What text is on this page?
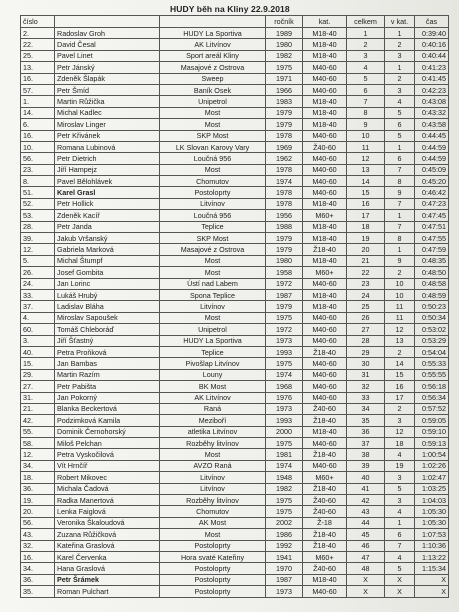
HUDY běh na Kliny 22.9.2018
číslo			ročník	kat.	celkem	v kat.	čas
2.	Radoslav Groh	HUDY La Sportiva	1989	M18-40	1	1	0:39:40
22.	David Česal	AK Litvínov	1980	M18-40	2	2	0:40:16
25.	Pavel Linet	Sport areál Kliny	1982	M18-40	3	3	0:40:44
13.	Petr Jánský	Masajové z Ostrova	1975	M40-60	4	1	0:41:23
16.	Zdeněk Šlapák	Sweep	1971	M40-60	5	2	0:41:45
57.	Petr Šmíd	Baník Osek	1966	M40-60	6	3	0:42:23
1.	Martin Růžička	Unipetrol	1983	M18-40	7	4	0:43:08
14.	Michal Kadlec	Most	1979	M18-40	8	5	0:43:32
6.	Miroslav Linger	Most	1979	M18-40	9	6	0:43:58
16.	Petr Křivánek	SKP Most	1978	M40-60	10	5	0:44:45
10.	Romana Lubinová	LK Slovan Karovy Vary	1969	Ž40-60	11	1	0:44:59
56.	Petr Dietrich	Loučná 956	1962	M40-60	12	6	0:44:59
23.	Jiří Hampejz	Most	1978	M40-60	13	7	0:45:09
8.	Pavel Bělohlávek	Chomutov	1974	M40-60	14	8	0:45:20
51.	Karel Grasl	Postoloprty	1978	M40-60	15	9	0:46:42
52.	Petr Hollick	Litvínov	1978	M18-40	16	7	0:47:23
53.	Zdeněk Kacíř	Loučná 956	1956	M60+	17	1	0:47:45
28.	Petr Janda	Teplice	1988	M18-40	18	7	0:47:51
39.	Jakub Vršanský	SKP Most	1979	M18-40	19	8	0:47:55
12.	Gabriela Marková	Masajové z Ostrova	1979	Ž18-40	20	1	0:47:59
5.	Michal Štumpf	Most	1980	M18-40	21	9	0:48:35
26.	Josef Gombita	Most	1958	M60+	22	2	0:48:50
24.	Jan Lorinc	Ústí nad Labem	1972	M40-60	23	10	0:48:58
33.	Lukáš Hrubý	Spona Teplice	1987	M18-40	24	10	0:48:59
37.	Ladislav Bláha	Litvínov	1979	M18-40	25	11	0:50:23
4.	Miroslav Sapoušek	Most	1975	M40-60	26	11	0:50:34
60.	Tomáš Chleboráď	Unipetrol	1972	M40-60	27	12	0:53:02
3.	Jiří Šťastný	HUDY La Sportiva	1973	M40-60	28	13	0:53:29
40.	Petra Proňková	Teplice	1993	Ž18-40	29	2	0:54:04
15.	Jan Bambas	Pivošlap Litvínov	1975	M40-60	30	14	0:55:33
29.	Martin Razím	Louny	1974	M40-60	31	15	0:55:55
27.	Petr Pabišta	BK Most	1968	M40-60	32	16	0:56:18
31.	Jan Pokorný	AK Litvínov	1976	M40-60	33	17	0:56:34
21.	Blanka Beckertová	Raná	1973	Ž40-60	34	2	0:57:52
42.	Podzimková Kamila	Meziboří	1993	Ž18-40	35	3	0:59:05
55.	Dominik Černohorský	atletika Litvínov	2000	M18-40	36	12	0:59:10
58.	Miloš Pelchan	Rozběhy litvínov	1975	M40-60	37	18	0:59:13
12.	Petra Vyskočilová	Most	1981	Ž18-40	38	4	1:00:54
34.	Vít Hrnčíř	AVZO Raná	1974	M40-60	39	19	1:02:26
18.	Robert Mikovec	Litvínov	1948	M60+	40	3	1:02:47
36.	Michala Čadová	Litvínov	1982	Ž18-40	41	5	1:03:25
19.	Radka Manertová	Rozběhy litvínov	1975	Ž40-60	42	3	1:04:03
20.	Lenka Faiglová	Chomutov	1975	Ž40-60	43	4	1:05:30
56.	Veronika Škaloudová	AK Most	2002	Ž-18	44	1	1:05:30
43.	Zuzana Růžičková	Most	1986	Ž18-40	45	6	1:07:53
32.	Kateřina Graslová	Postoloprty	1992	Ž18-40	46	7	1:10:36
16.	Karel Červenka	Hora svaté Kateřiny	1941	M60+	47	4	1:13:22
34.	Hana Graslová	Postoloprty	1970	Ž40-60	48	5	1:15:34
36.	Petr Šrámek	Postoloprty	1987	M18-40	X	X	X
35.	Roman Pulchart	Postoloprty	1973	M40-60	X	X	X
